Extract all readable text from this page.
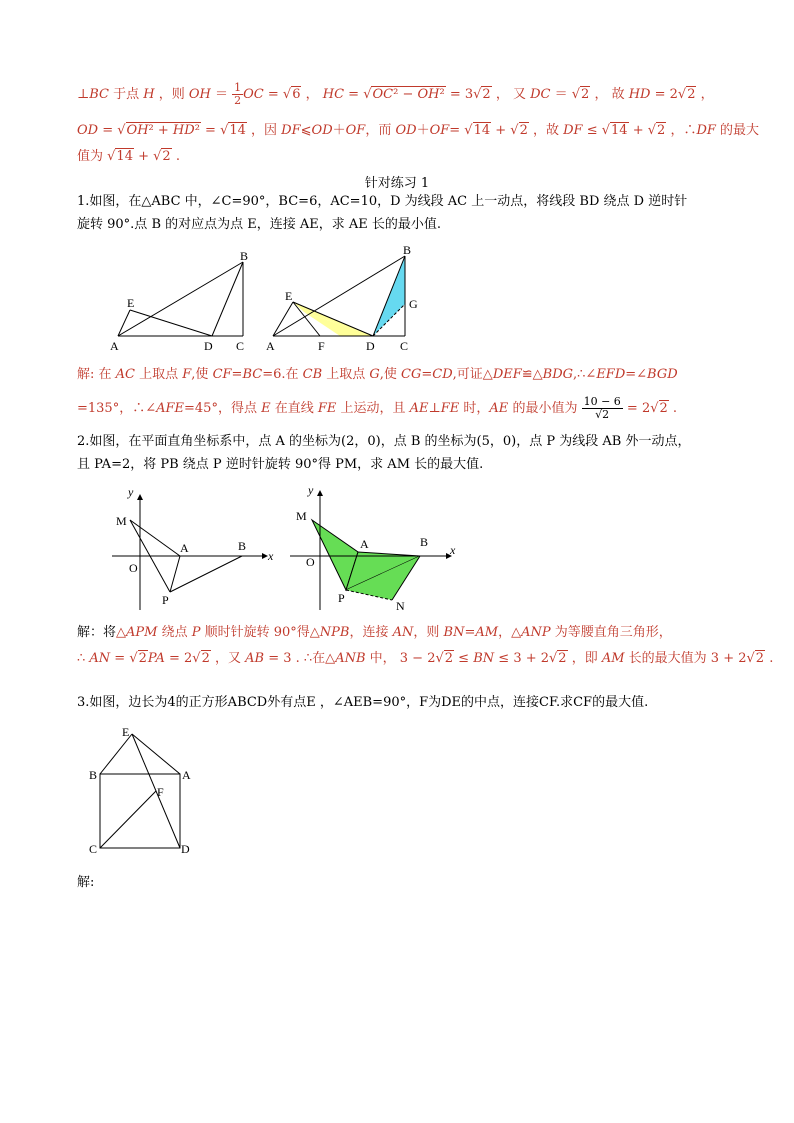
⊥BC 于点 H ，则 OH ＝ $\frac{1}{2}$ OC = √6 ， HC = √OC² − OH² = 3√2 ， 又 DC ＝ √2 ， 故 HD = 2√2 ，
OD = √OH² + HD² = √14 ，因 DF⩽OD＋OF，而 OD＋OF= √14 + √2 ，故 DF ≤ √14 + √2 ，∴DF 的最大
值为 √14 + √2 .
针对练习 1
1.如图，在△ABC 中，∠C=90°，BC=6，AC=10，D 为线段 AC 上一动点，将线段 BD 绕点 D 逆时针
旋转 90°.点 B 的对应点为点 E，连接 AE，求 AE 长的最小值.
B
E
A	D C
B
E
G
A	F	D C
解: 在 AC 上取点 F,使 CF=BC=6.在 CB 上取点 G,使 CG=CD,可证△DEF≌△BDG,∴∠EFD=∠BGD
=135°，∴∠AFE=45°，得点 E 在直线 FE 上运动，且 AE⊥FE 时，AE 的最小值为 $\frac{10 - 6}{√2} = 2√2$ .
2.如图，在平面直角坐标系中，点 A 的坐标为(2，0)，点 B 的坐标为(5，0)，点 P 为线段 AB 外一动点，
且 PA=2，将 PB 绕点 P 逆时针旋转 90°得 PM，求 AM 长的最大值.
y
M
A	B
x
O
P
y
M
A	B
x
O
P
N
解：将△APM 绕点 P 顺时针旋转 90°得△NPB，连接 AN，则 BN=AM，△ANP 为等腰直角三角形，
∴ AN = √2PA = 2√2 ，又 AB = 3 . ∴在△ANB 中， 3 − 2√2 ≤ BN ≤ 3 + 2√2 ，即 AM 长的最大值为 3 + 2√2 .
3.如图，边长为4的正方形ABCD外有点E ，∠AEB=90°，F为DE的中点，连接CF.求CF的最大值.
E
B	A
F
C	D
解:
